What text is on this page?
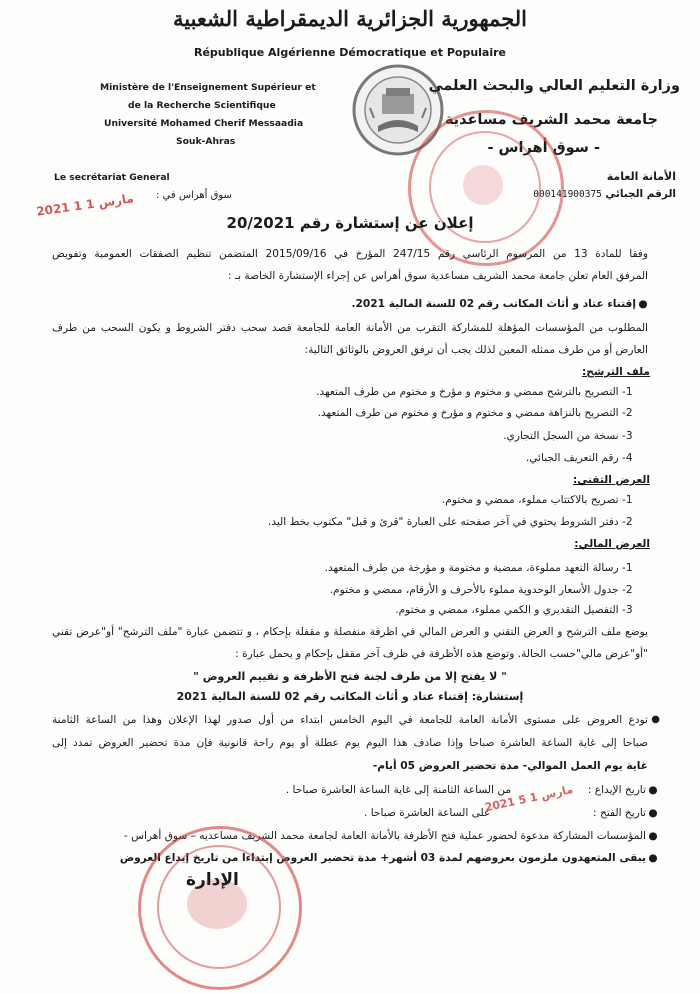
الجمهورية الجزائرية الديمقراطية الشعبية
République Algérienne Démocratique et Populaire
Ministère de l'Enseignement Supérieur et
de la Recherche Scientifique
Université Mohamed Cherif Messaadia
Souk-Ahras
وزارة التعليم العالي والبحث العلمي
جامعة محمد الشريف مساعدية
- سوق أهراس -
Le secrétariat General	الأمانة العامة
الرقم الجبائي 000141900375
سوق أهراس في :
2021 مارس 1 1
إعلان عن إستشارة رقم 20/2021
وفقا للمادة 13 من المرسوم الرئاسي رقم 247/15 المؤرخ في 2015/09/16 المتضمن تنظيم الصفقات العمومية وتفويض
المرفق العام تعلن جامعة محمد الشريف مساعدية سوق أهراس عن إجراء الإستشارة الخاصة بـ :
●إقتناء عتاد و أثاث المكاتب رقم 02 للسنة المالية 2021.
المطلوب من المؤسسات المؤهلة للمشاركة التقرب من الأمانة العامة للجامعة قصد سحب دفتر الشروط و يكون السحب من طرف
العارض أو من طرف ممثله المعين لذلك يجب أن ترفق العروض بالوثائق التالية:
ملف الترشح:
-1 التصريح بالترشح ممضي و مختوم و مؤرخ و مختوم من طرف المتعهد.
-2 التصريح بالنزاهة ممضي و مختوم و مؤرخ و مختوم من طرف المتعهد.
-3 نسخة من السجل التجاري.
-4 رقم التعريف الجبائي.
العرض التقني:
-1 تصريح بالاكتتاب مملوء، ممضي و مختوم.
-2 دفتر الشروط يحتوي في آخر صفحته على العبارة "قرئ و قبل" مكتوب بخط اليد.
العرض المالي:
-1 رسالة التعهد مملوءة، ممضية و مختومة و مؤرخة من طرف المتعهد.
-2 جدول الأسعار الوحدوية مملوء بالأحرف و الأرقام، ممضي و مختوم.
-3 التفصيل التقديري و الكمي مملوء، ممضي و مختوم.
يوضع ملف الترشح و العرض التقني و العرض المالي في اظرفة منفصلة و مقفلة بإحكام ، و تتضمن عبارة "ملف الترشح" أو"عرض تقني
"أو"عرض مالي"حسب الحالة. وتوضع هذه الأظرفة في ظرف آخر مقفل بإحكام و يحمل عبارة :
" لا يفتح إلا من طرف لجنة فتح الأظرفة و تقييم العروض "
إستشارة: إقتناء عتاد و أثاث المكاتب رقم 02 للسنة المالية 2021
تودع العروض على مستوى الأمانة العامة للجامعة في اليوم الخامس ابتداء من أول صدور لهذا الإعلان وهذا من الساعة الثامنة ●
صباحا إلى غاية الساعة العاشرة صباحا وإذا صادف هذا اليوم يوم عطلة أو يوم راحة قانونية فإن مدة تحضير العروض تمدد إلى
غاية يوم العمل الموالي- مدة تحضير العروض 05 أيام-
●تاريخ الإيداع :  من الساعة الثامنة إلى غاية الساعة العاشرة صباحا .
●تاريخ الفتح :  على الساعة العاشرة صباحا .
2021 مارس 1 5
●المؤسسات المشاركة مدعوة لحضور عملية فتح الأظرفة بالأمانة العامة لجامعة محمد الشريف مساعديه – سوق أهراس -
●يبقى المتعهدون ملزمون بعروضهم لمدة 03 أشهر+ مدة تحضير العروض إبتداءا من تاريخ إيداع العروض
الإدارة
